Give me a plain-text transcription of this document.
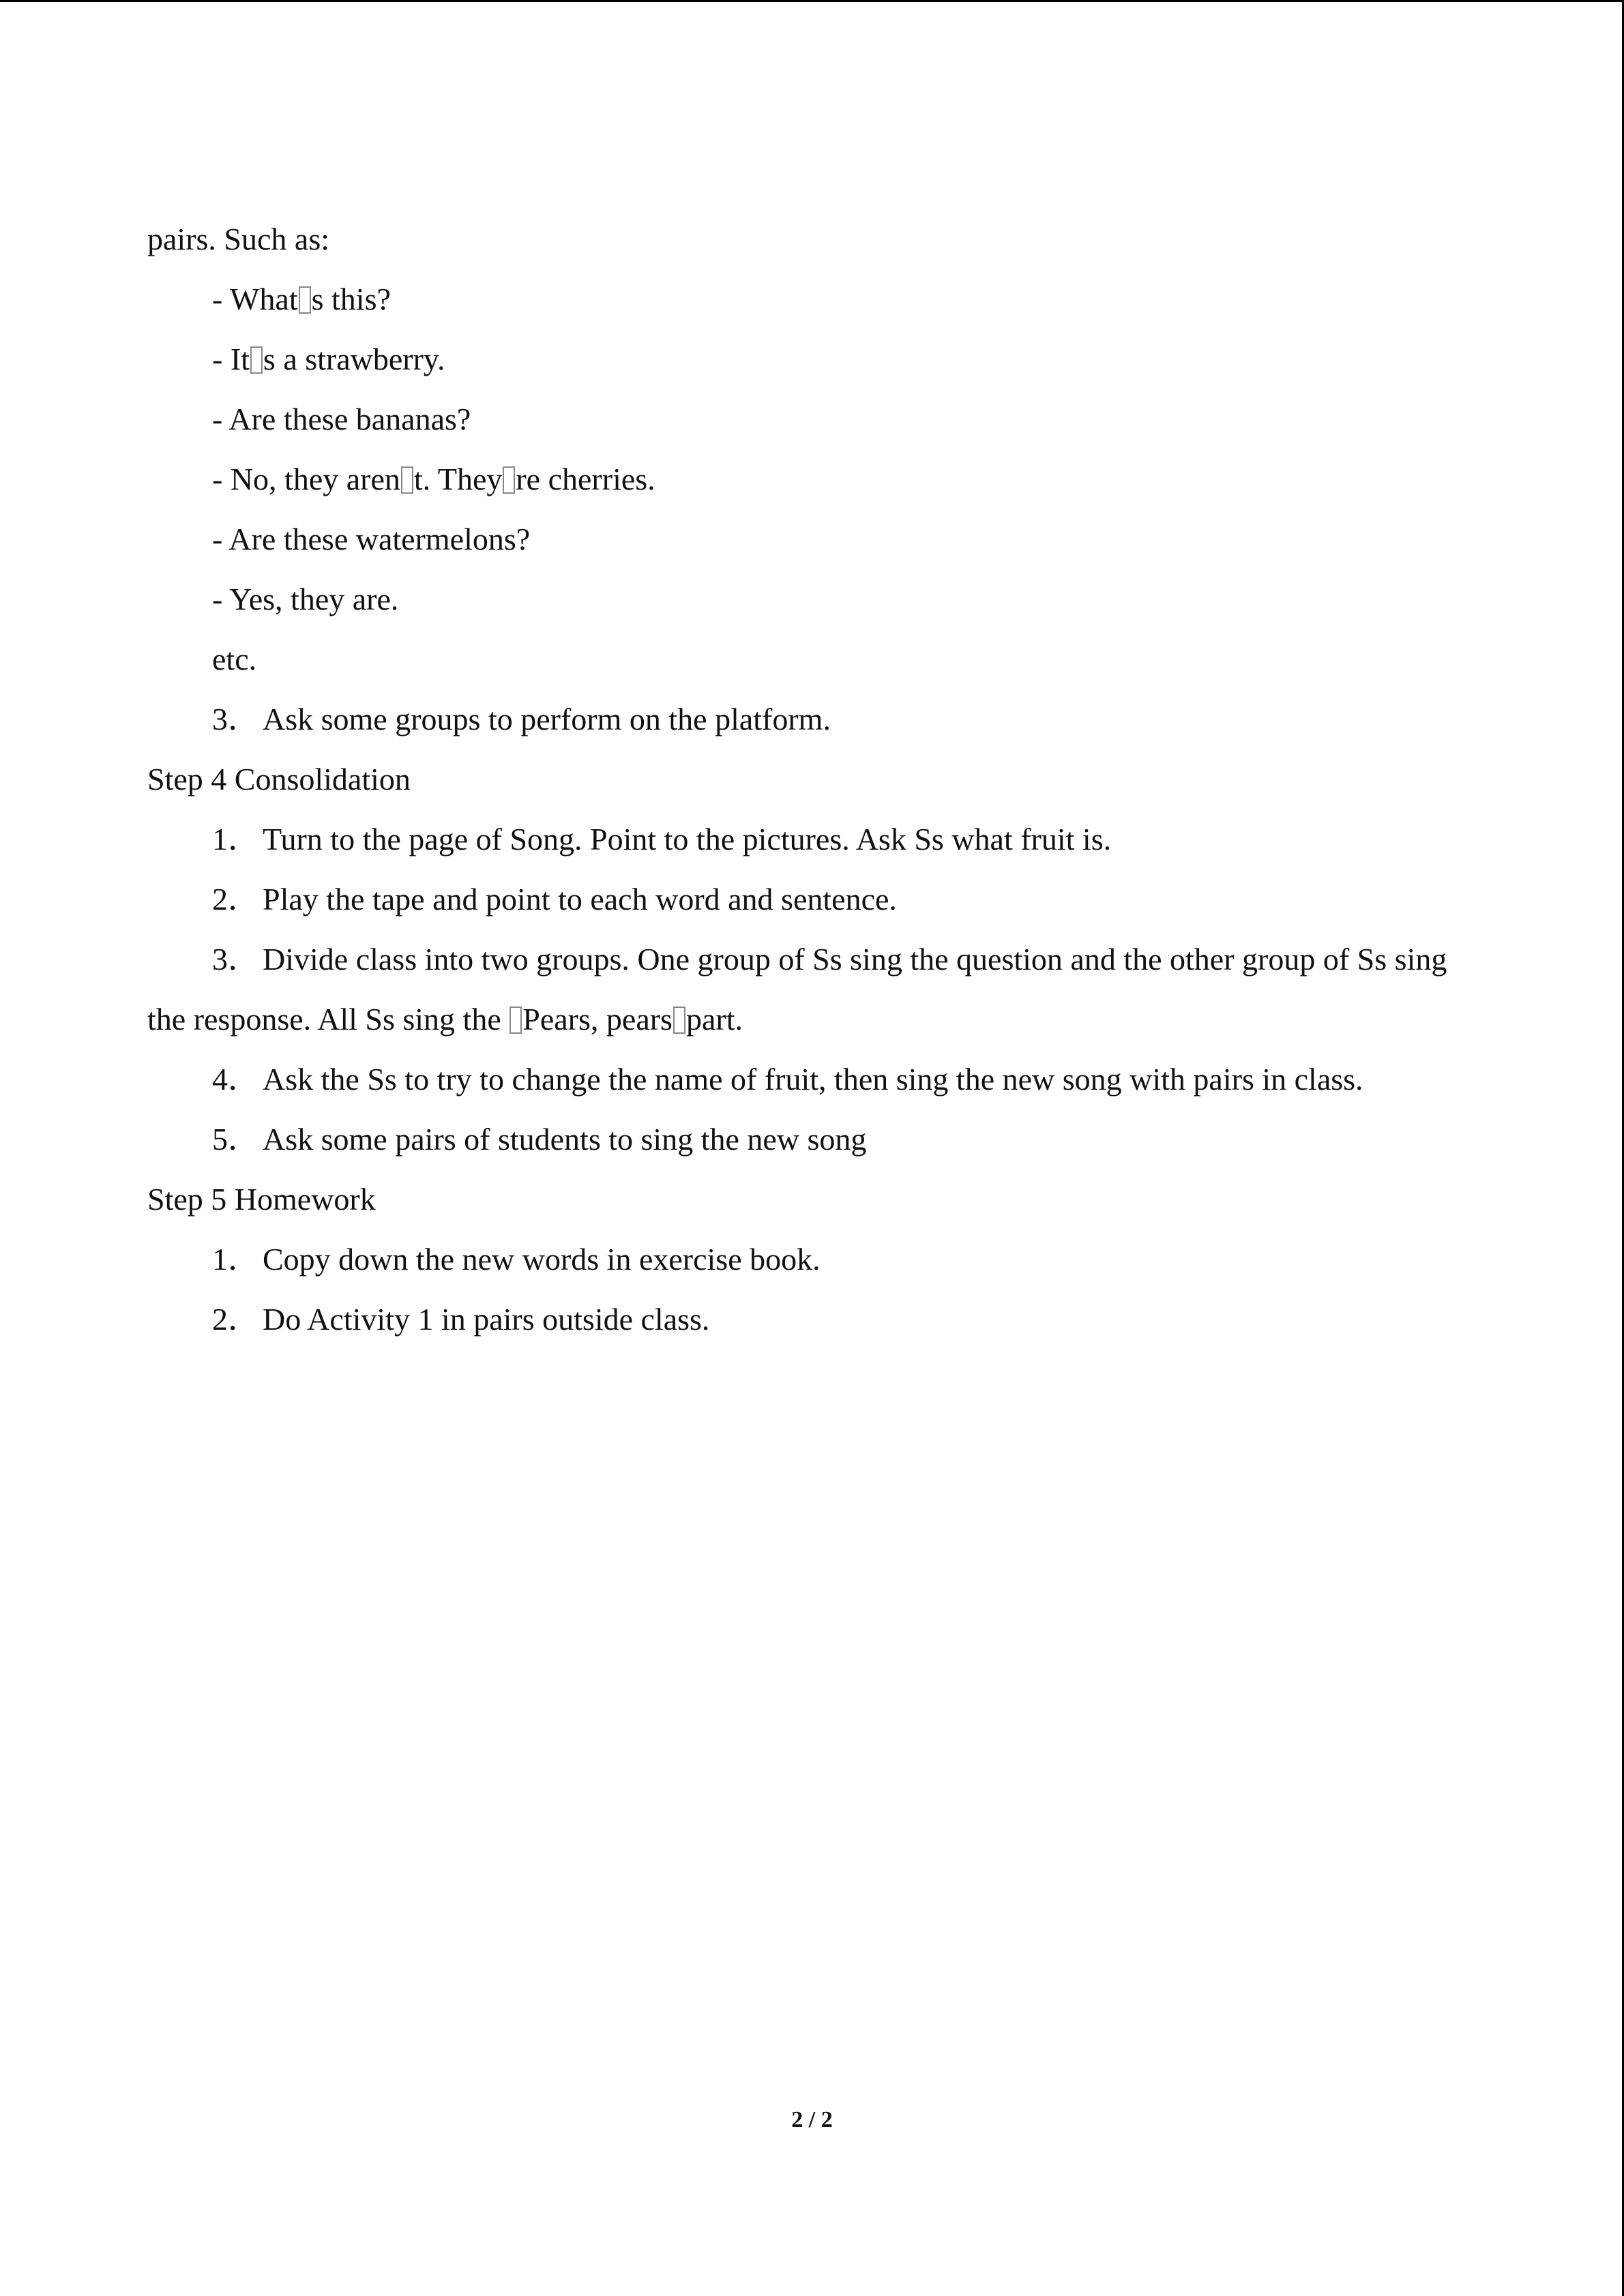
pairs. Such as:
- What s this?
- It s a strawberry.
- Are these bananas?
- No, they aren t. They re cherries.
- Are these watermelons?
- Yes, they are.
etc.
3． Ask some groups to perform on the platform.
Step 4 Consolidation
1． Turn to the page of Song. Point to the pictures. Ask Ss what fruit is.
2． Play the tape and point to each word and sentence.
3． Divide class into two groups. One group of Ss sing the question and the other group of Ss sing
the response. All Ss sing the Pears, pears part.
4． Ask the Ss to try to change the name of fruit, then sing the new song with pairs in class.
5． Ask some pairs of students to sing the new song
Step 5 Homework
1． Copy down the new words in exercise book.
2． Do Activity 1 in pairs outside class.
2 / 2
